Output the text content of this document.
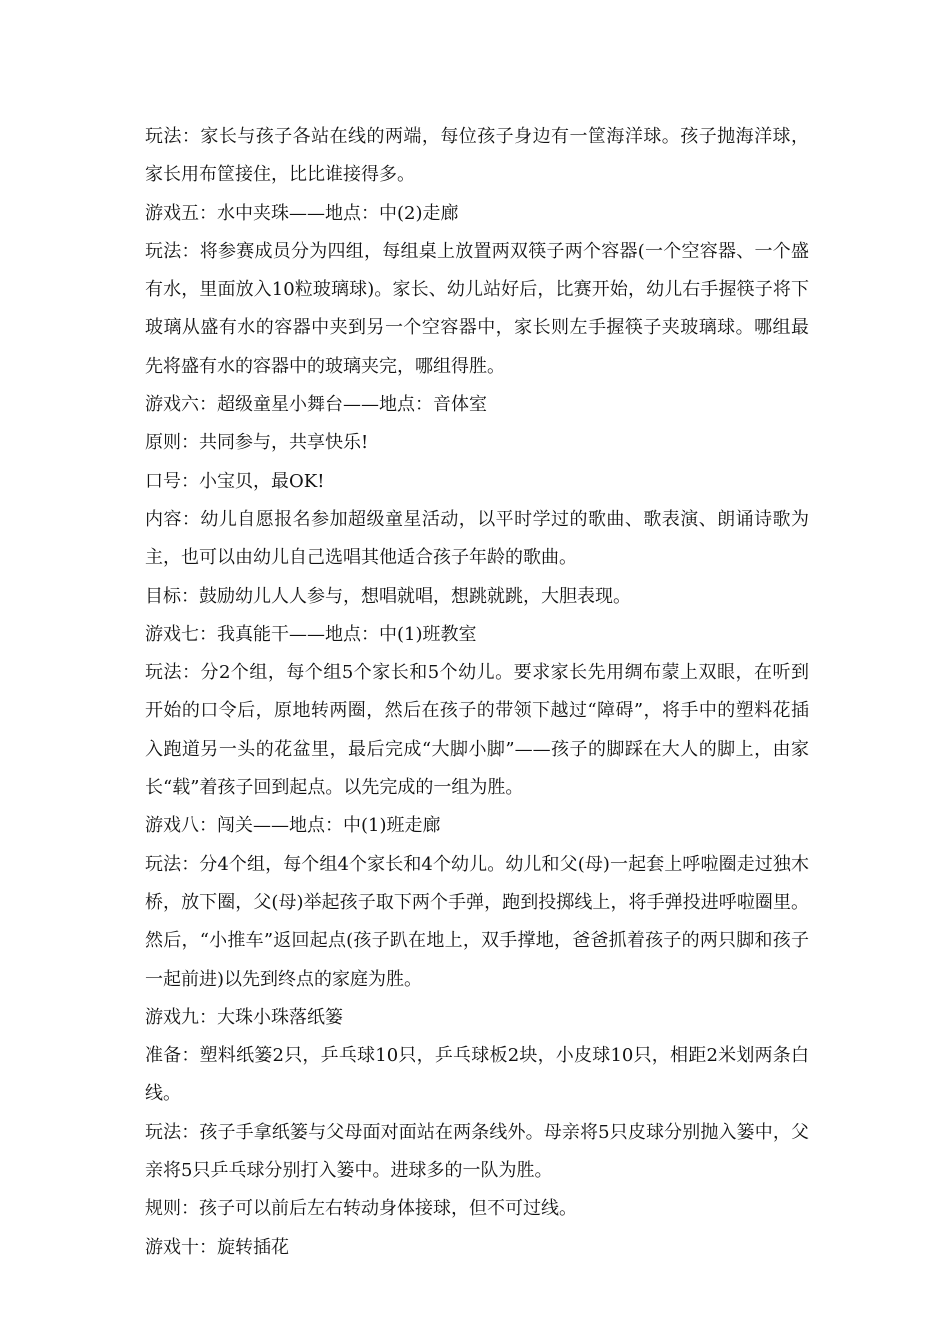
玩法：家长与孩子各站在线的两端，每位孩子身边有一筐海洋球。孩子抛海洋球，家长用布筐接住，比比谁接得多。

游戏五：水中夹珠——地点：中(2)走廊

玩法：将参赛成员分为四组，每组桌上放置两双筷子两个容器(一个空容器、一个盛有水，里面放入10粒玻璃球)。家长、幼儿站好后，比赛开始，幼儿右手握筷子将下玻璃从盛有水的容器中夹到另一个空容器中，家长则左手握筷子夹玻璃球。哪组最先将盛有水的容器中的玻璃夹完，哪组得胜。

游戏六：超级童星小舞台——地点：音体室

原则：共同参与，共享快乐!

口号：小宝贝，最OK!

内容：幼儿自愿报名参加超级童星活动，以平时学过的歌曲、歌表演、朗诵诗歌为主，也可以由幼儿自己选唱其他适合孩子年龄的歌曲。

目标：鼓励幼儿人人参与，想唱就唱，想跳就跳，大胆表现。

游戏七：我真能干——地点：中(1)班教室

玩法：分2个组，每个组5个家长和5个幼儿。要求家长先用绸布蒙上双眼，在听到开始的口令后，原地转两圈，然后在孩子的带领下越过“障碍”，将手中的塑料花插入跑道另一头的花盆里，最后完成“大脚小脚”——孩子的脚踩在大人的脚上，由家长“载”着孩子回到起点。以先完成的一组为胜。

游戏八：闯关——地点：中(1)班走廊

玩法：分4个组，每个组4个家长和4个幼儿。幼儿和父(母)一起套上呼啦圈走过独木桥，放下圈，父(母)举起孩子取下两个手弹，跑到投掷线上，将手弹投进呼啦圈里。然后，“小推车”返回起点(孩子趴在地上，双手撑地，爸爸抓着孩子的两只脚和孩子一起前进)以先到终点的家庭为胜。

游戏九：大珠小珠落纸篓

准备：塑料纸篓2只，乒乓球10只，乒乓球板2块，小皮球10只，相距2米划两条白线。

玩法：孩子手拿纸篓与父母面对面站在两条线外。母亲将5只皮球分别抛入篓中，父亲将5只乒乓球分别打入篓中。进球多的一队为胜。

规则：孩子可以前后左右转动身体接球，但不可过线。

游戏十：旋转插花
